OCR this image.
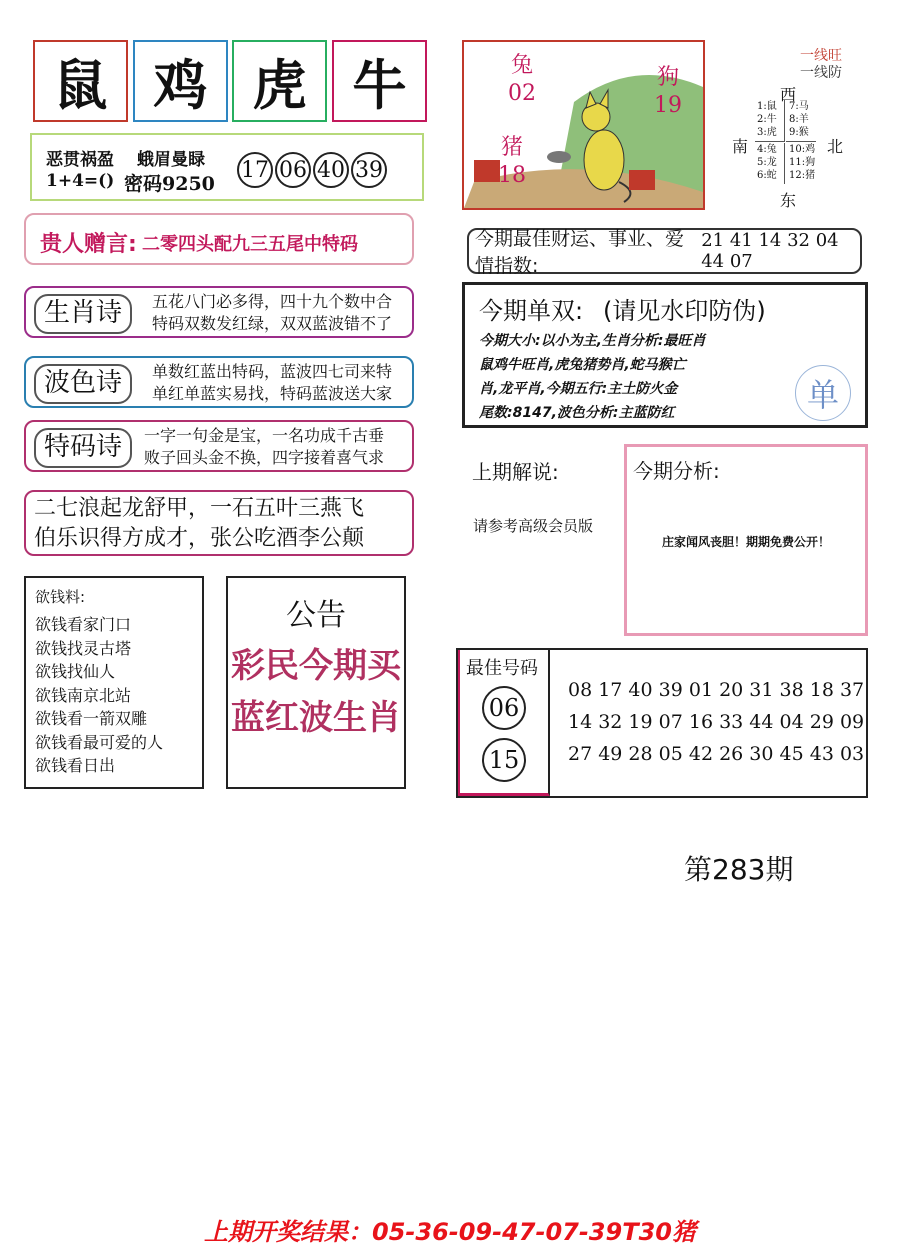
鼠 鸡 虎 牛
恶贯祸盈 蛾眉曼睩
1+4=() 密码9250
17 06 40 39
贵人赠言: 二零四头配九三五尾中特码
生肖诗	五花八门必多得，四十九个数中合
特码双数发红绿，双双蓝波错不了
波色诗	单数红蓝出特码，蓝波四七司来特
单红单蓝实易找，特码蓝波送大家
特码诗	一字一句金是宝，一名功成千古垂
败子回头金不换，四字接着喜气求
二七浪起龙舒甲，一石五叶三燕飞
伯乐识得方成才，张公吃酒李公颠
欲钱料:
欲钱看家门口
欲钱找灵古塔
欲钱找仙人
欲钱南京北站
欲钱看一箭双雕
欲钱看最可爱的人
欲钱看日出
公告
彩民今期买
蓝红波生肖
兔
02
狗
19
猪
18
一线旺
一线防
西
南	北
东
1:鼠
2:牛
3:虎
7:马
8:羊
9:猴
4:兔
5:龙
6:蛇
10:鸡
11:狗
12:猪
今期最佳财运、事业、爱情指数:
21 41 14 32 04 44 07
今期单双: (请见水印防伪)
今期大小:以小为主,生肖分析:最旺肖
鼠鸡牛旺肖,虎兔猪势肖,蛇马猴亡
肖,龙平肖,今期五行:主土防火金
尾数:8147,波色分析:主蓝防红	单
上期解说:
请参考高级会员版
今期分析:
庄家闻风丧胆！期期免费公开！
最佳号码
06
15
08 17 40 39 01 20 31 38 18 37
14 32 19 07 16 33 44 04 29 09
27 49 28 05 42 26 30 45 43 03
第283期
上期开奖结果：05-36-09-47-07-39T30猪
